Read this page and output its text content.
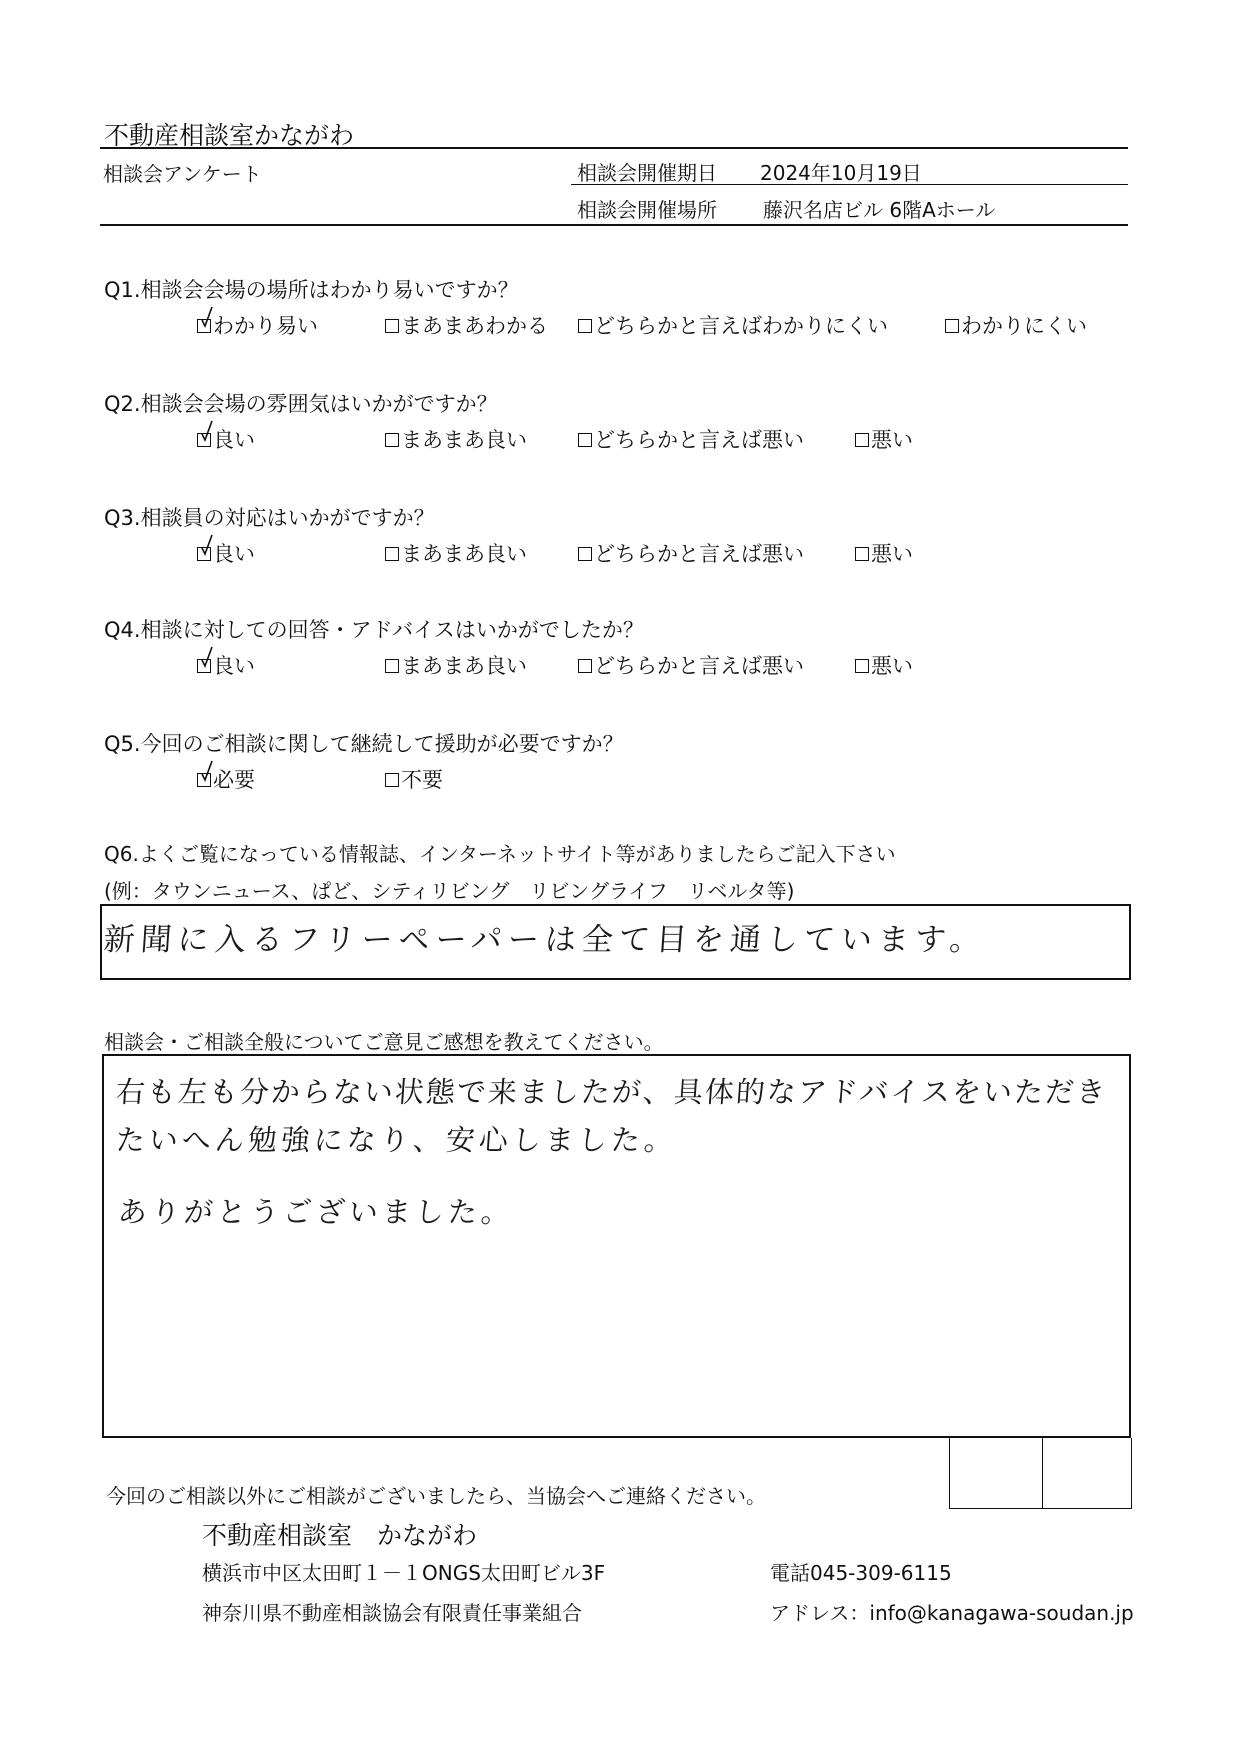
不動産相談室かながわ
相談会アンケート	相談会開催期日 2024年10月19日
相談会開催場所 藤沢名店ビル 6階Aホール
Q1.相談会会場の場所はわかり易いですか？
わかり易い	まあまあわかる どちらかと言えばわかりにくい	わかりにくい
Q2.相談会会場の雰囲気はいかがですか？
良い	まあまあ良い	どちらかと言えば悪い	悪い
Q3.相談員の対応はいかがですか？
良い	まあまあ良い	どちらかと言えば悪い	悪い
Q4.相談に対しての回答・アドバイスはいかがでしたか？
良い	まあまあ良い	どちらかと言えば悪い	悪い
Q5.今回のご相談に関して継続して援助が必要ですか？
必要	不要
Q6.よくご覧になっている情報誌、インターネットサイト等がありましたらご記入下さい
(例：タウンニュース、ぱど、シティリビング　リビングライフ　リベルタ等)
新聞に入るフリーペーパーは全て目を通しています。
相談会・ご相談全般についてご意見ご感想を教えてください。
右も左も分からない状態で来ましたが、具体的なアドバイスをいただき
たいへん勉強になり、安心しました。
ありがとうございました。
今回のご相談以外にご相談がございましたら、当協会へご連絡ください。
不動産相談室　かながわ
横浜市中区太田町１－１ONGS太田町ビル3F	電話045-309-6115
神奈川県不動産相談協会有限責任事業組合	アドレス：info@kanagawa-soudan.jp
